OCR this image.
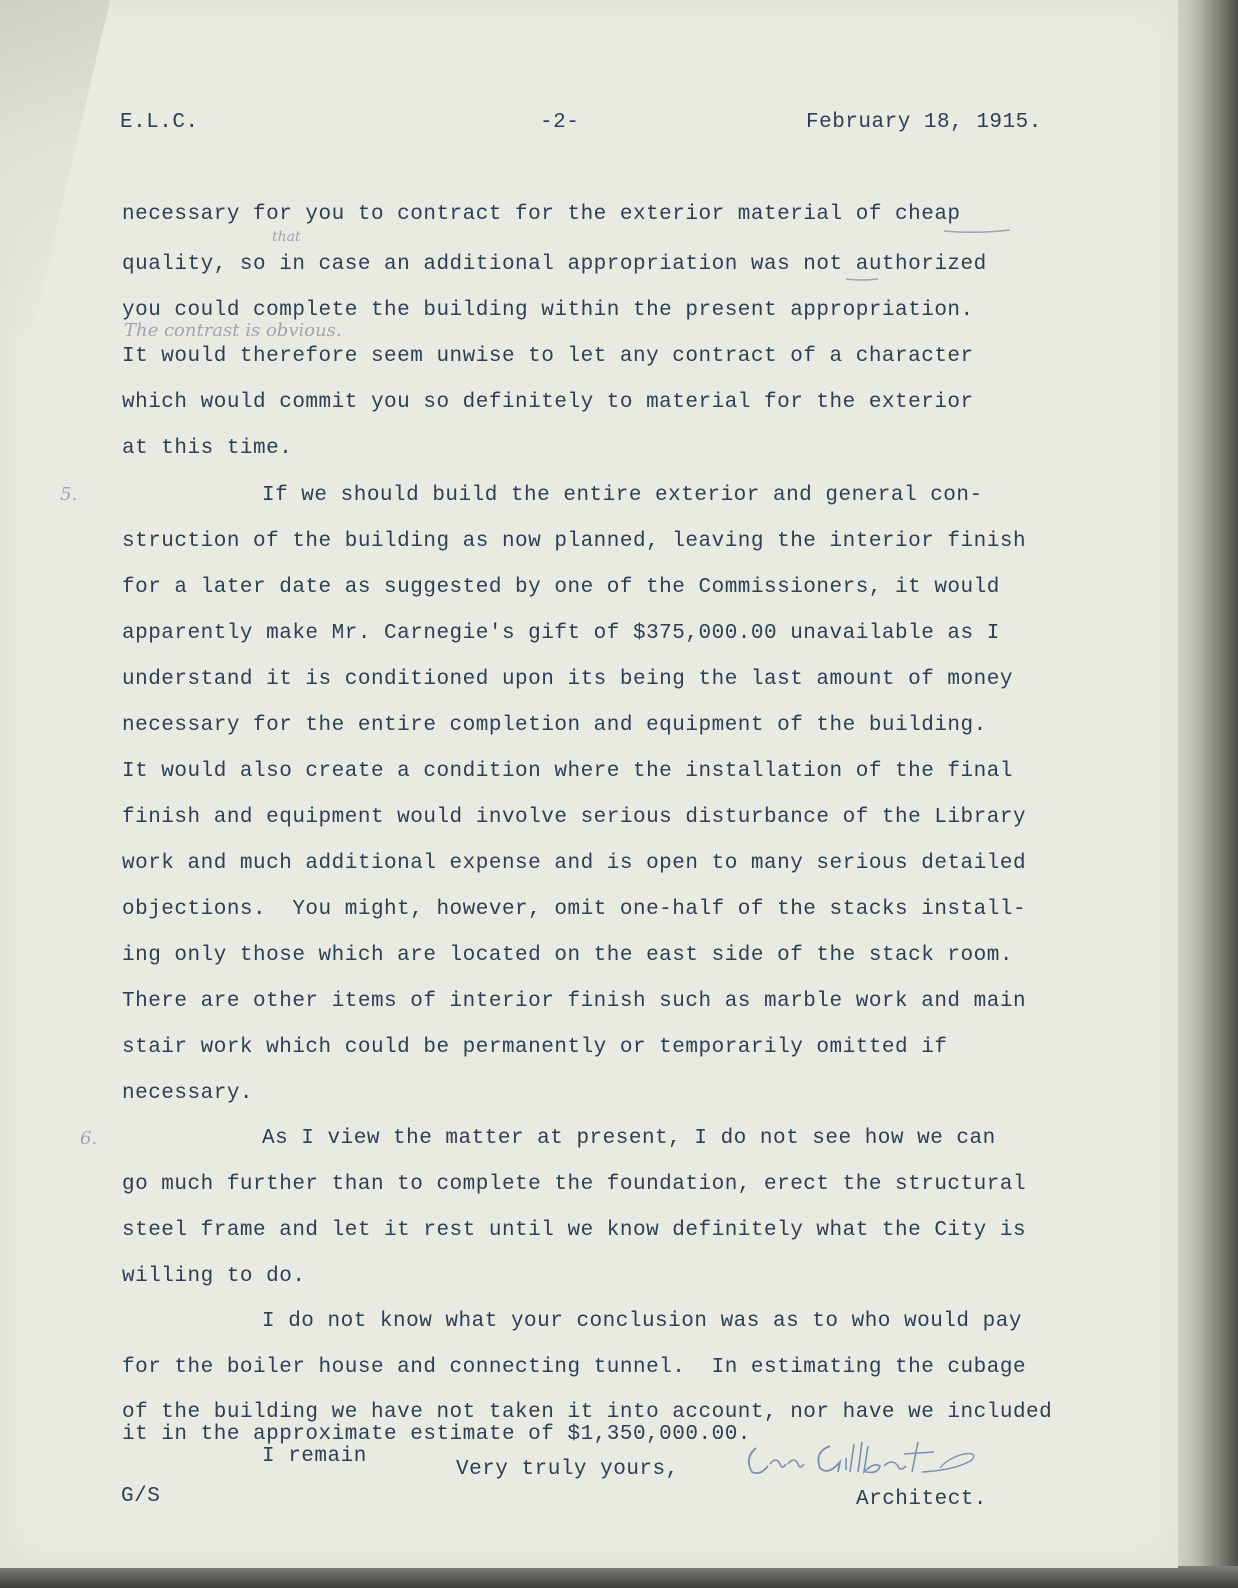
E.L.C.	-2-	February 18, 1915.
necessary for you to contract for the exterior material of cheap
quality, so in case an additional appropriation was not authorized
you could complete the building within the present appropriation.
It would therefore seem unwise to let any contract of a character
which would commit you so definitely to material for the exterior
at this time.
If we should build the entire exterior and general con-
struction of the building as now planned, leaving the interior finish
for a later date as suggested by one of the Commissioners, it would
apparently make Mr. Carnegie's gift of $375,000.00 unavailable as I
understand it is conditioned upon its being the last amount of money
necessary for the entire completion and equipment of the building.
It would also create a condition where the installation of the final
finish and equipment would involve serious disturbance of the Library
work and much additional expense and is open to many serious detailed
objections.  You might, however, omit one-half of the stacks install-
ing only those which are located on the east side of the stack room.
There are other items of interior finish such as marble work and main
stair work which could be permanently or temporarily omitted if
necessary.
As I view the matter at present, I do not see how we can
go much further than to complete the foundation, erect the structural
steel frame and let it rest until we know definitely what the City is
willing to do.
I do not know what your conclusion was as to who would pay
for the boiler house and connecting tunnel.  In estimating the cubage
of the building we have not taken it into account, nor have we included
it in the approximate estimate of $1,350,000.00.
that
The contrast is obvious.
5.
6.
I remain
Very truly yours,
G/S	Architect.
